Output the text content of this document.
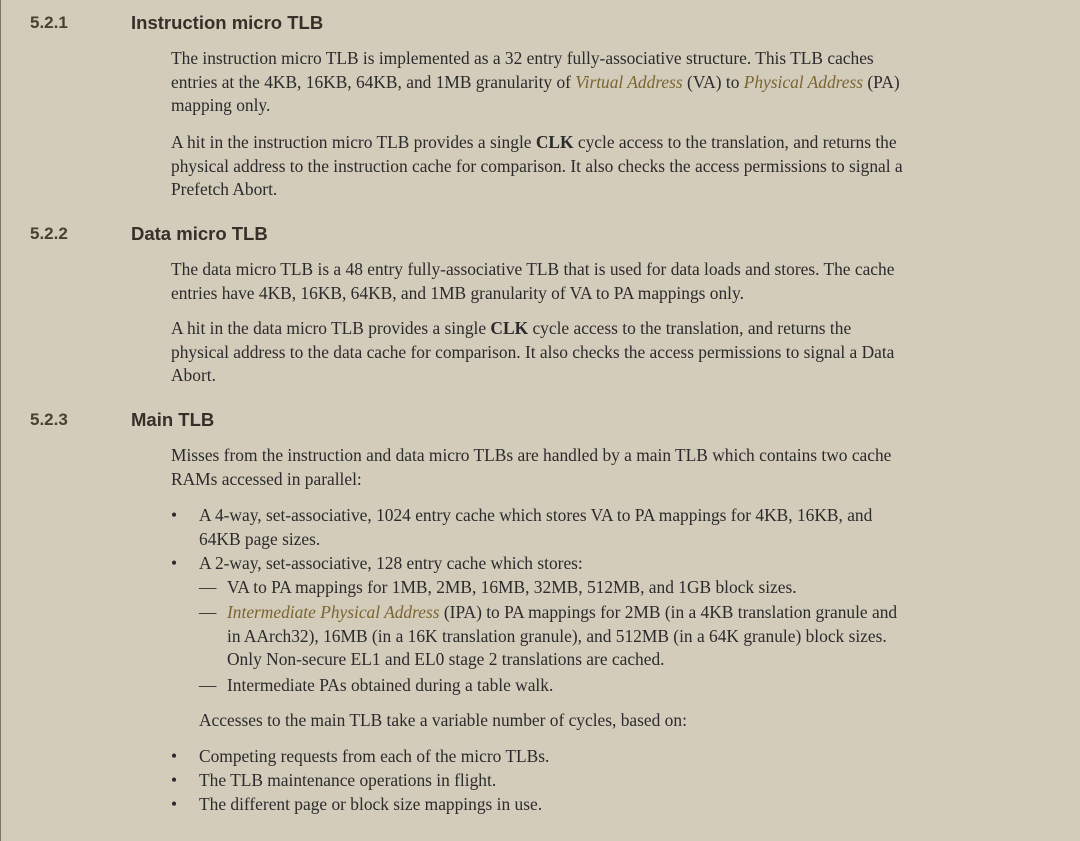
5.2.1	Instruction micro TLB
The instruction micro TLB is implemented as a 32 entry fully-associative structure. This TLB caches
entries at the 4KB, 16KB, 64KB, and 1MB granularity of Virtual Address (VA) to Physical Address (PA)
mapping only.
A hit in the instruction micro TLB provides a single CLK cycle access to the translation, and returns the
physical address to the instruction cache for comparison. It also checks the access permissions to signal a
Prefetch Abort.
5.2.2	Data micro TLB
The data micro TLB is a 48 entry fully-associative TLB that is used for data loads and stores. The cache
entries have 4KB, 16KB, 64KB, and 1MB granularity of VA to PA mappings only.
A hit in the data micro TLB provides a single CLK cycle access to the translation, and returns the
physical address to the data cache for comparison. It also checks the access permissions to signal a Data
Abort.
5.2.3	Main TLB
Misses from the instruction and data micro TLBs are handled by a main TLB which contains two cache
RAMs accessed in parallel:
•	A 4-way, set-associative, 1024 entry cache which stores VA to PA mappings for 4KB, 16KB, and
64KB page sizes.
•	A 2-way, set-associative, 128 entry cache which stores:
— VA to PA mappings for 1MB, 2MB, 16MB, 32MB, 512MB, and 1GB block sizes.
— Intermediate Physical Address (IPA) to PA mappings for 2MB (in a 4KB translation granule and
in AArch32), 16MB (in a 16K translation granule), and 512MB (in a 64K granule) block sizes.
Only Non-secure EL1 and EL0 stage 2 translations are cached.
— Intermediate PAs obtained during a table walk.
Accesses to the main TLB take a variable number of cycles, based on:
•	Competing requests from each of the micro TLBs.
•	The TLB maintenance operations in flight.
•	The different page or block size mappings in use.
